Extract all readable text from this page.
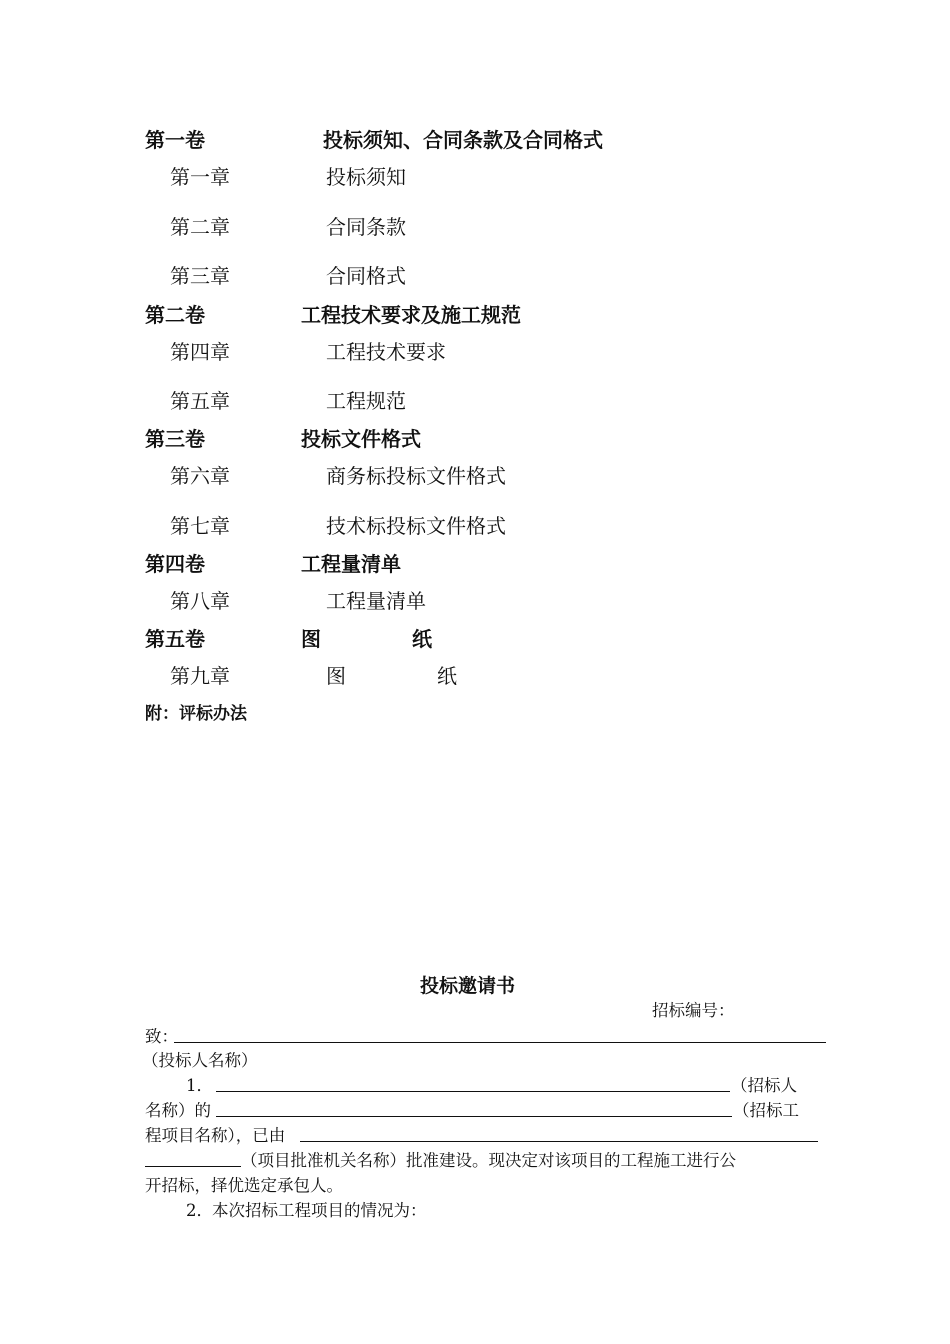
第一卷	投标须知、合同条款及合同格式
第一章	投标须知
第二章	合同条款
第三章	合同格式
第二卷	工程技术要求及施工规范
第四章	工程技术要求
第五章	工程规范
第三卷	投标文件格式
第六章	商务标投标文件格式
第七章	技术标投标文件格式
第四卷	工程量清单
第八章	工程量清单
第五卷	图	纸
第九章	图	纸
附：评标办法
投标邀请书
招标编号：
致：
（投标人名称）
1．	（招标人
名称）的	（招标工
程项目名称），已由
（项目批准机关名称）批准建设。现决定对该项目的工程施工进行公
开招标，择优选定承包人。
2． 本次招标工程项目的情况为：
